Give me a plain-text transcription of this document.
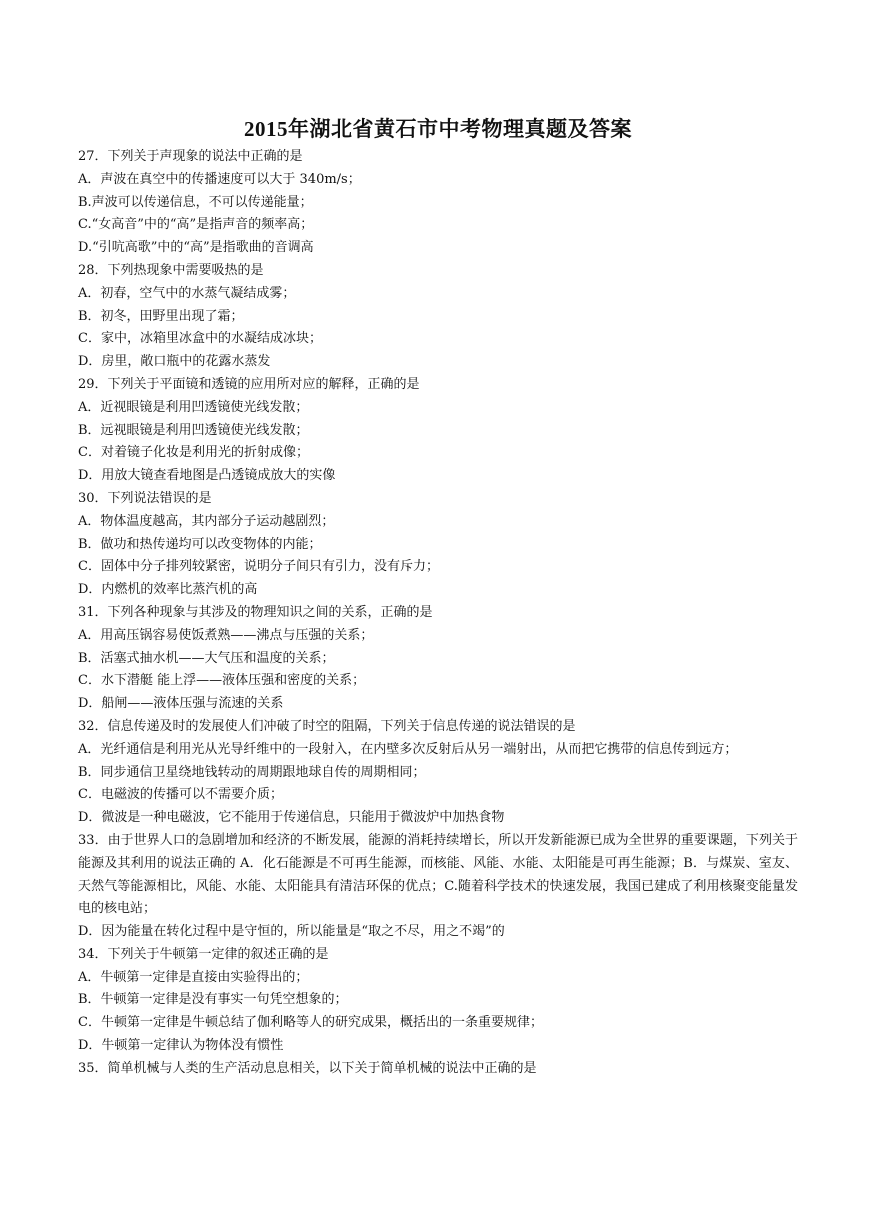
2015年湖北省黄石市中考物理真题及答案
27．下列关于声现象的说法中正确的是
A．声波在真空中的传播速度可以大于 340m/s；
B.声波可以传递信息，不可以传递能量；
C.“女高音”中的“高”是指声音的频率高；
D.“引吭高歌”中的“高”是指歌曲的音调高
28．下列热现象中需要吸热的是
A．初春，空气中的水蒸气凝结成雾；
B．初冬，田野里出现了霜；
C．家中，冰箱里冰盒中的水凝结成冰块；
D．房里，敞口瓶中的花露水蒸发
29．下列关于平面镜和透镜的应用所对应的解释，正确的是
A．近视眼镜是利用凹透镜使光线发散；
B．远视眼镜是利用凹透镜使光线发散；
C．对着镜子化妆是利用光的折射成像；
D．用放大镜查看地图是凸透镜成放大的实像
30．下列说法错误的是
A．物体温度越高，其内部分子运动越剧烈；
B．做功和热传递均可以改变物体的内能；
C．固体中分子排列较紧密，说明分子间只有引力，没有斥力；
D．内燃机的效率比蒸汽机的高
31．下列各种现象与其涉及的物理知识之间的关系，正确的是
A．用高压锅容易使饭煮熟——沸点与压强的关系；
B．活塞式抽水机——大气压和温度的关系；
C．水下潜艇 能上浮——液体压强和密度的关系；
D．船闸——液体压强与流速的关系
32．信息传递及时的发展使人们冲破了时空的阻隔，下列关于信息传递的说法错误的是
A．光纤通信是利用光从光导纤维中的一段射入，在内壁多次反射后从另一端射出，从而把它携带的信息传到远方；
B．同步通信卫星绕地钱转动的周期跟地球自传的周期相同；
C．电磁波的传播可以不需要介质；
D．微波是一种电磁波，它不能用于传递信息，只能用于微波炉中加热食物
33．由于世界人口的急剧增加和经济的不断发展，能源的消耗持续增长，所以开发新能源已成为全世界的重要课题，下列关于能源及其利用的说法正确的 A．化石能源是不可再生能源，而核能、风能、水能、太阳能是可再生能源；B．与煤炭、室友、天然气等能源相比，风能、水能、太阳能具有清洁环保的优点；C.随着科学技术的快速发展，我国已建成了利用核聚变能量发电的核电站；
D．因为能量在转化过程中是守恒的，所以能量是“取之不尽，用之不竭”的
34．下列关于牛顿第一定律的叙述正确的是
A．牛顿第一定律是直接由实验得出的；
B．牛顿第一定律是没有事实一句凭空想象的；
C．牛顿第一定律是牛顿总结了伽利略等人的研究成果，概括出的一条重要规律；
D．牛顿第一定律认为物体没有惯性
35．简单机械与人类的生产活动息息相关，以下关于简单机械的说法中正确的是
